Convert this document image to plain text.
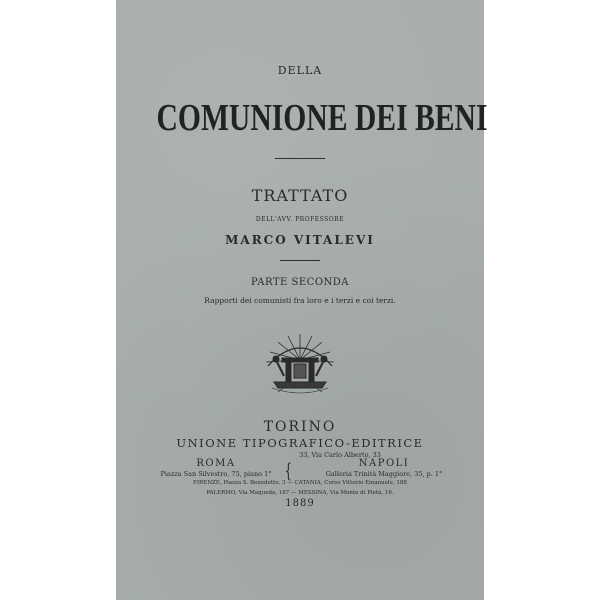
DELLA
COMUNIONE DEI BENI
TRATTATO
DELL'AVV. PROFESSORE
MARCO VITALEVI
PARTE SECONDA
Rapporti dei comunisti fra loro e i terzi e coi terzi.
TORINO
UNIONE TIPOGRAFICO-EDITRICE
33, Via Carlo Alberto, 33
ROMA
Piazza San Silvestro, 75, piano 1° {	NAPOLI
Galleria Trinità Maggiore, 35, p. 1°
FIRENZE, Piazza S. Benedetto, 3 — CATANIA, Corso Vittorio Emanuele, 188
PALERMO, Via Maqueda, 187 — MESSINA, Via Monte di Pietà, 16.
1889
